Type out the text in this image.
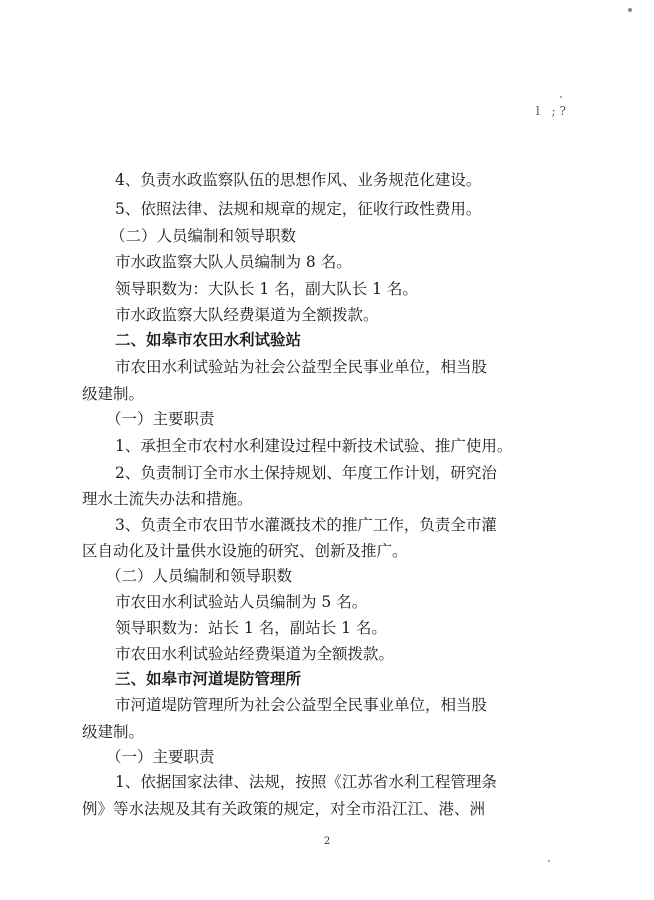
l ;?
4、负责水政监察队伍的思想作风、业务规范化建设。
5、依照法律、法规和规章的规定，征收行政性费用。
（二）人员编制和领导职数
市水政监察大队人员编制为 8 名。
领导职数为：大队长 1 名，副大队长 1 名。
市水政监察大队经费渠道为全额拨款。
二、如皋市农田水利试验站
市农田水利试验站为社会公益型全民事业单位，相当股
级建制。
（一）主要职责
1、承担全市农村水利建设过程中新技术试验、推广使用。
2、负责制订全市水土保持规划、年度工作计划，研究治
理水土流失办法和措施。
3、负责全市农田节水灌溉技术的推广工作，负责全市灌
区自动化及计量供水设施的研究、创新及推广。
（二）人员编制和领导职数
市农田水利试验站人员编制为 5 名。
领导职数为：站长 1 名，副站长 1 名。
市农田水利试验站经费渠道为全额拨款。
三、如皋市河道堤防管理所
市河道堤防管理所为社会公益型全民事业单位，相当股
级建制。
（一）主要职责
1、依据国家法律、法规，按照《江苏省水利工程管理条
例》等水法规及其有关政策的规定，对全市沿江江、港、洲
2
